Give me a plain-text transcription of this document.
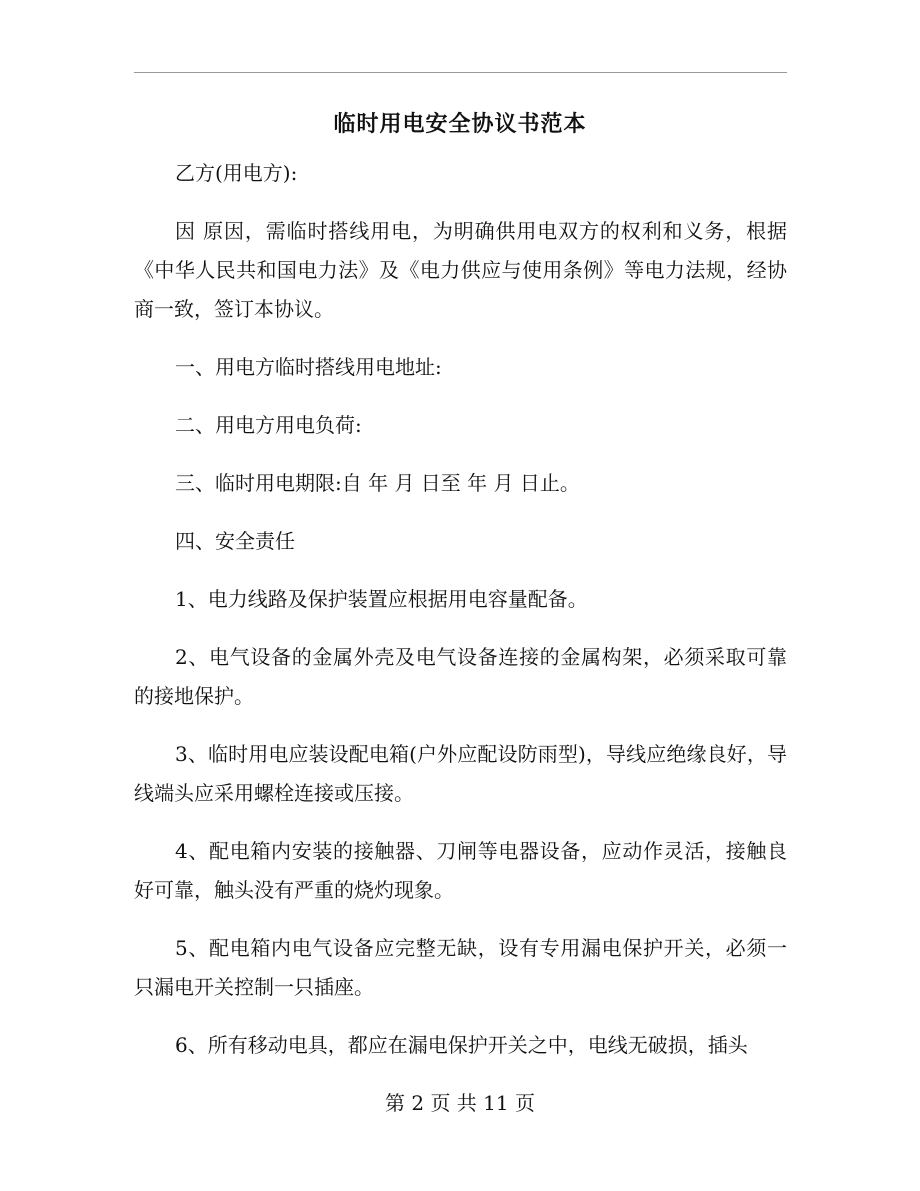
临时用电安全协议书范本

乙方(用电方):

因 原因，需临时搭线用电，为明确供用电双方的权利和义务，根据《中华人民共和国电力法》及《电力供应与使用条例》等电力法规，经协商一致，签订本协议。

一、用电方临时搭线用电地址:

二、用电方用电负荷:

三、临时用电期限:自 年 月 日至 年 月 日止。

四、安全责任

1、电力线路及保护装置应根据用电容量配备。

2、电气设备的金属外壳及电气设备连接的金属构架，必须采取可靠的接地保护。

3、临时用电应装设配电箱(户外应配设防雨型)，导线应绝缘良好，导线端头应采用螺栓连接或压接。

4、配电箱内安装的接触器、刀闸等电器设备，应动作灵活，接触良好可靠，触头没有严重的烧灼现象。

5、配电箱内电气设备应完整无缺，设有专用漏电保护开关，必须一只漏电开关控制一只插座。

6、所有移动电具，都应在漏电保护开关之中，电线无破损，插头

第 2 页 共 11 页
